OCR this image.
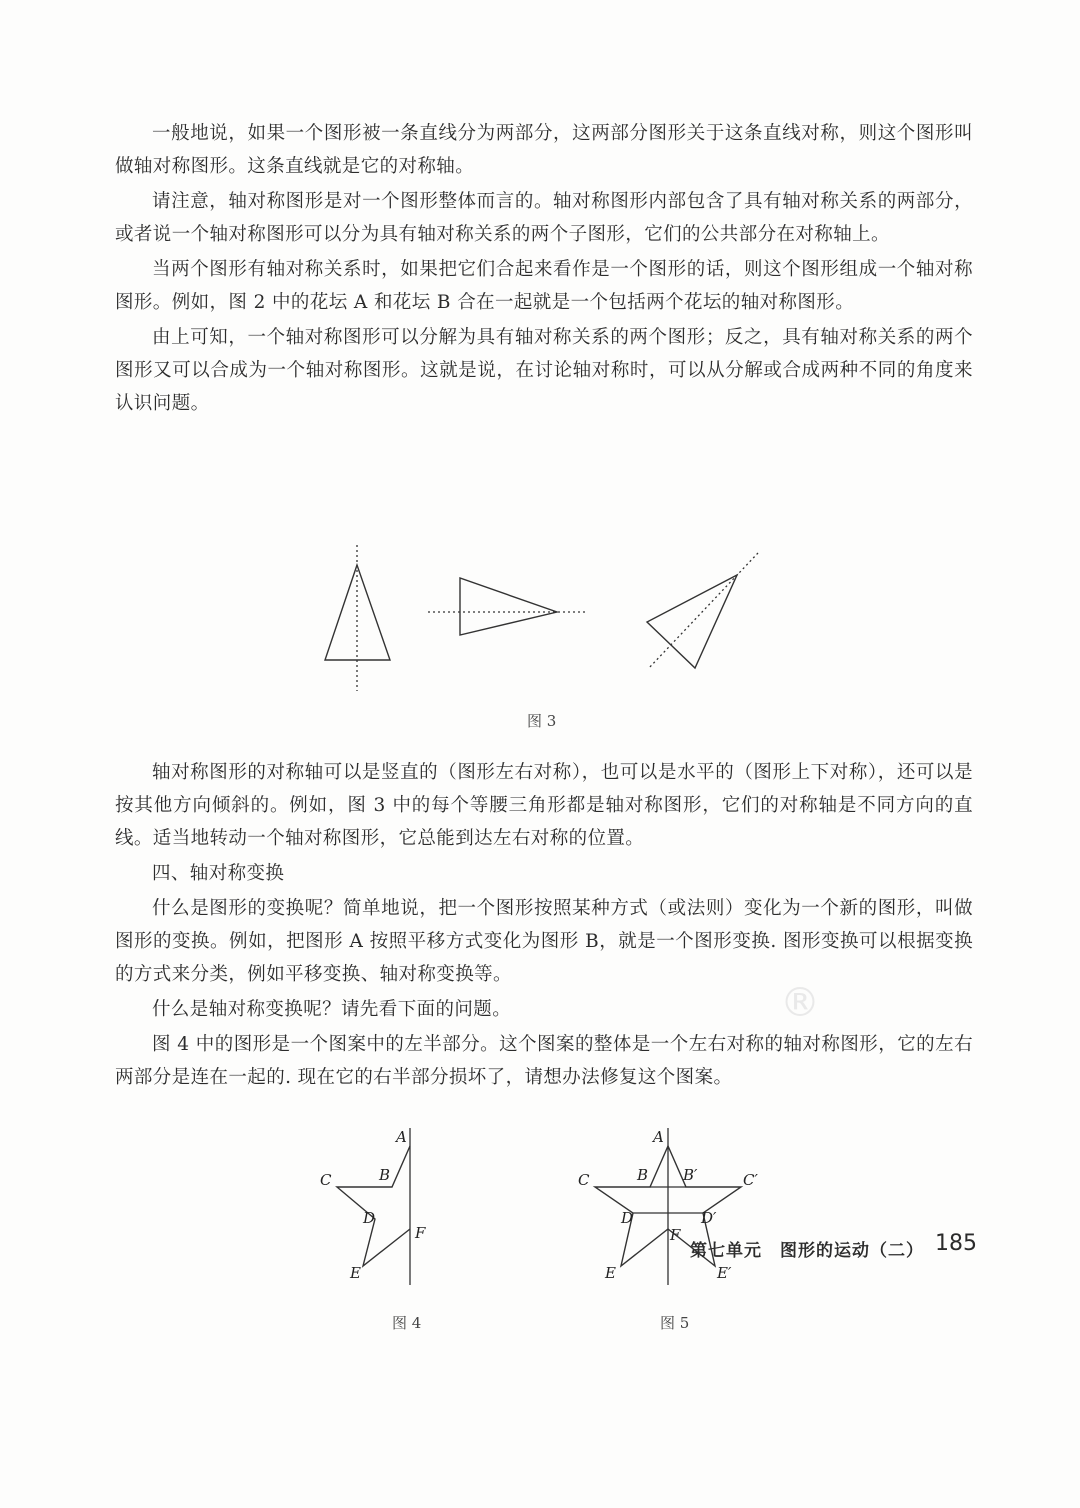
一般地说，如果一个图形被一条直线分为两部分，这两部分图形关于这条直线对称，则这个图形叫做轴对称图形。这条直线就是它的对称轴。

请注意，轴对称图形是对一个图形整体而言的。轴对称图形内部包含了具有轴对称关系的两部分，或者说一个轴对称图形可以分为具有轴对称关系的两个子图形，它们的公共部分在对称轴上。

当两个图形有轴对称关系时，如果把它们合起来看作是一个图形的话，则这个图形组成一个轴对称图形。例如，图 2 中的花坛 A 和花坛 B 合在一起就是一个包括两个花坛的轴对称图形。

由上可知，一个轴对称图形可以分解为具有轴对称关系的两个图形；反之，具有轴对称关系的两个图形又可以合成为一个轴对称图形。这就是说，在讨论轴对称时，可以从分解或合成两种不同的角度来认识问题。

图 3

轴对称图形的对称轴可以是竖直的（图形左右对称），也可以是水平的（图形上下对称），还可以是按其他方向倾斜的。例如，图 3 中的每个等腰三角形都是轴对称图形，它们的对称轴是不同方向的直线。适当地转动一个轴对称图形，它总能到达左右对称的位置。

四、轴对称变换

什么是图形的变换呢？简单地说，把一个图形按照某种方式（或法则）变化为一个新的图形，叫做图形的变换。例如，把图形 A 按照平移方式变化为图形 B，就是一个图形变换. 图形变换可以根据变换的方式来分类，例如平移变换、轴对称变换等。

什么是轴对称变换呢？请先看下面的问题。

图 4 中的图形是一个图案中的左半部分。这个图案的整体是一个左右对称的轴对称图形，它的左右两部分是连在一起的. 现在它的右半部分损坏了，请想办法修复这个图案。

®
A
B
C
D
E
F
图 4
A
B B′
C	C′
D	D′
E	E′
F
图 5
第七单元　图形的运动（二） 185
